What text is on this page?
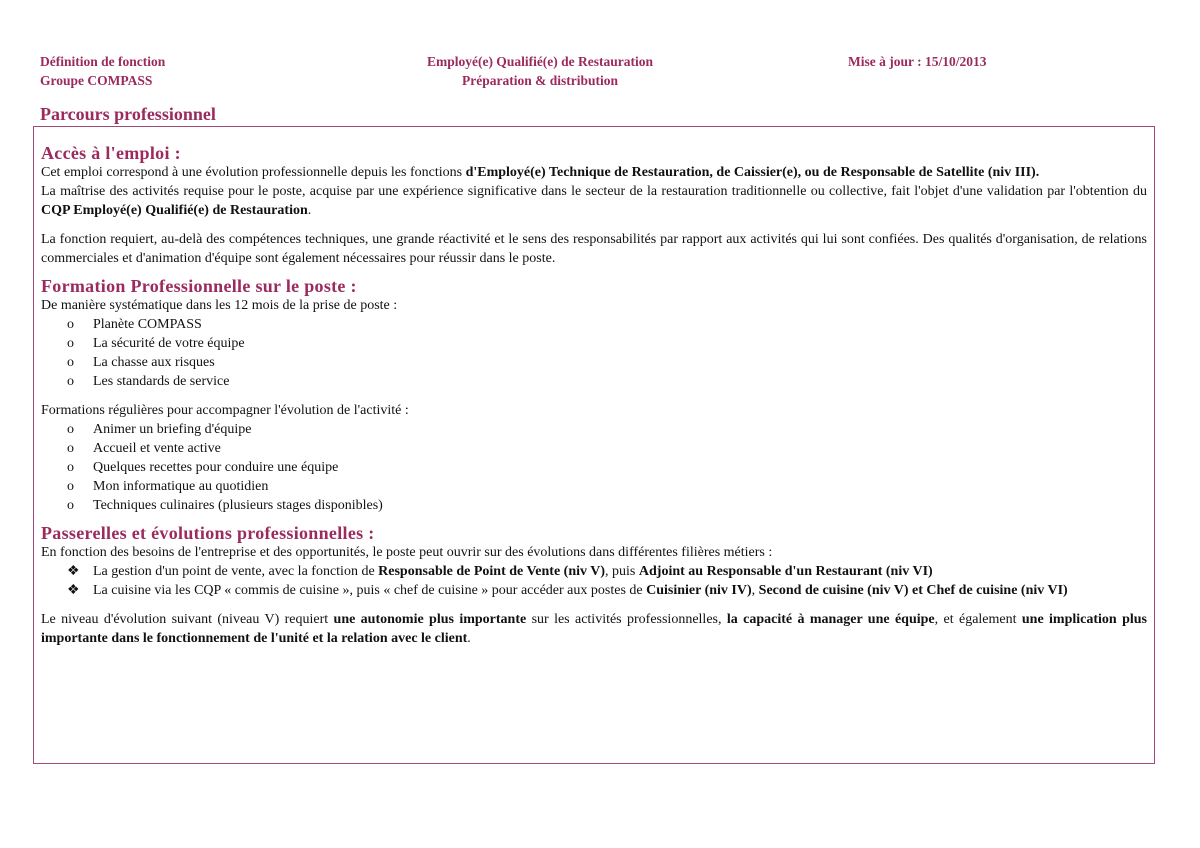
Définition de fonction
Groupe COMPASS
Employé(e) Qualifié(e) de Restauration
Préparation & distribution
Mise à jour : 15/10/2013
Parcours professionnel
Accès à l'emploi :

Cet emploi correspond à une évolution professionnelle depuis les fonctions d'Employé(e) Technique de Restauration, de Caissier(e), ou de Responsable de Satellite (niv III).

La maîtrise des activités requise pour le poste, acquise par une expérience significative dans le secteur de la restauration traditionnelle ou collective, fait l'objet d'une validation par l'obtention du CQP Employé(e) Qualifié(e) de Restauration.

La fonction requiert, au-delà des compétences techniques, une grande réactivité et le sens des responsabilités par rapport aux activités qui lui sont confiées. Des qualités d'organisation, de relations commerciales et d'animation d'équipe sont également nécessaires pour réussir dans le poste.

Formation Professionnelle sur le poste :

De manière systématique dans les 12 mois de la prise de poste :

o Planète COMPASS
o La sécurité de votre équipe
o La chasse aux risques
o Les standards de service

Formations régulières pour accompagner l'évolution de l'activité :

o Animer un briefing d'équipe
o Accueil et vente active
o Quelques recettes pour conduire une équipe
o Mon informatique au quotidien
o Techniques culinaires (plusieurs stages disponibles)
Passerelles et évolutions professionnelles :

En fonction des besoins de l'entreprise et des opportunités, le poste peut ouvrir sur des évolutions dans différentes filières métiers :

❖ La gestion d'un point de vente, avec la fonction de Responsable de Point de Vente (niv V), puis Adjoint au Responsable d'un Restaurant (niv VI)
❖ La cuisine via les CQP « commis de cuisine », puis « chef de cuisine » pour accéder aux postes de Cuisinier (niv IV), Second de cuisine (niv V) et Chef de cuisine (niv VI)

Le niveau d'évolution suivant (niveau V) requiert une autonomie plus importante sur les activités professionnelles, la capacité à manager une équipe, et également une implication plus importante dans le fonctionnement de l'unité et la relation avec le client.
